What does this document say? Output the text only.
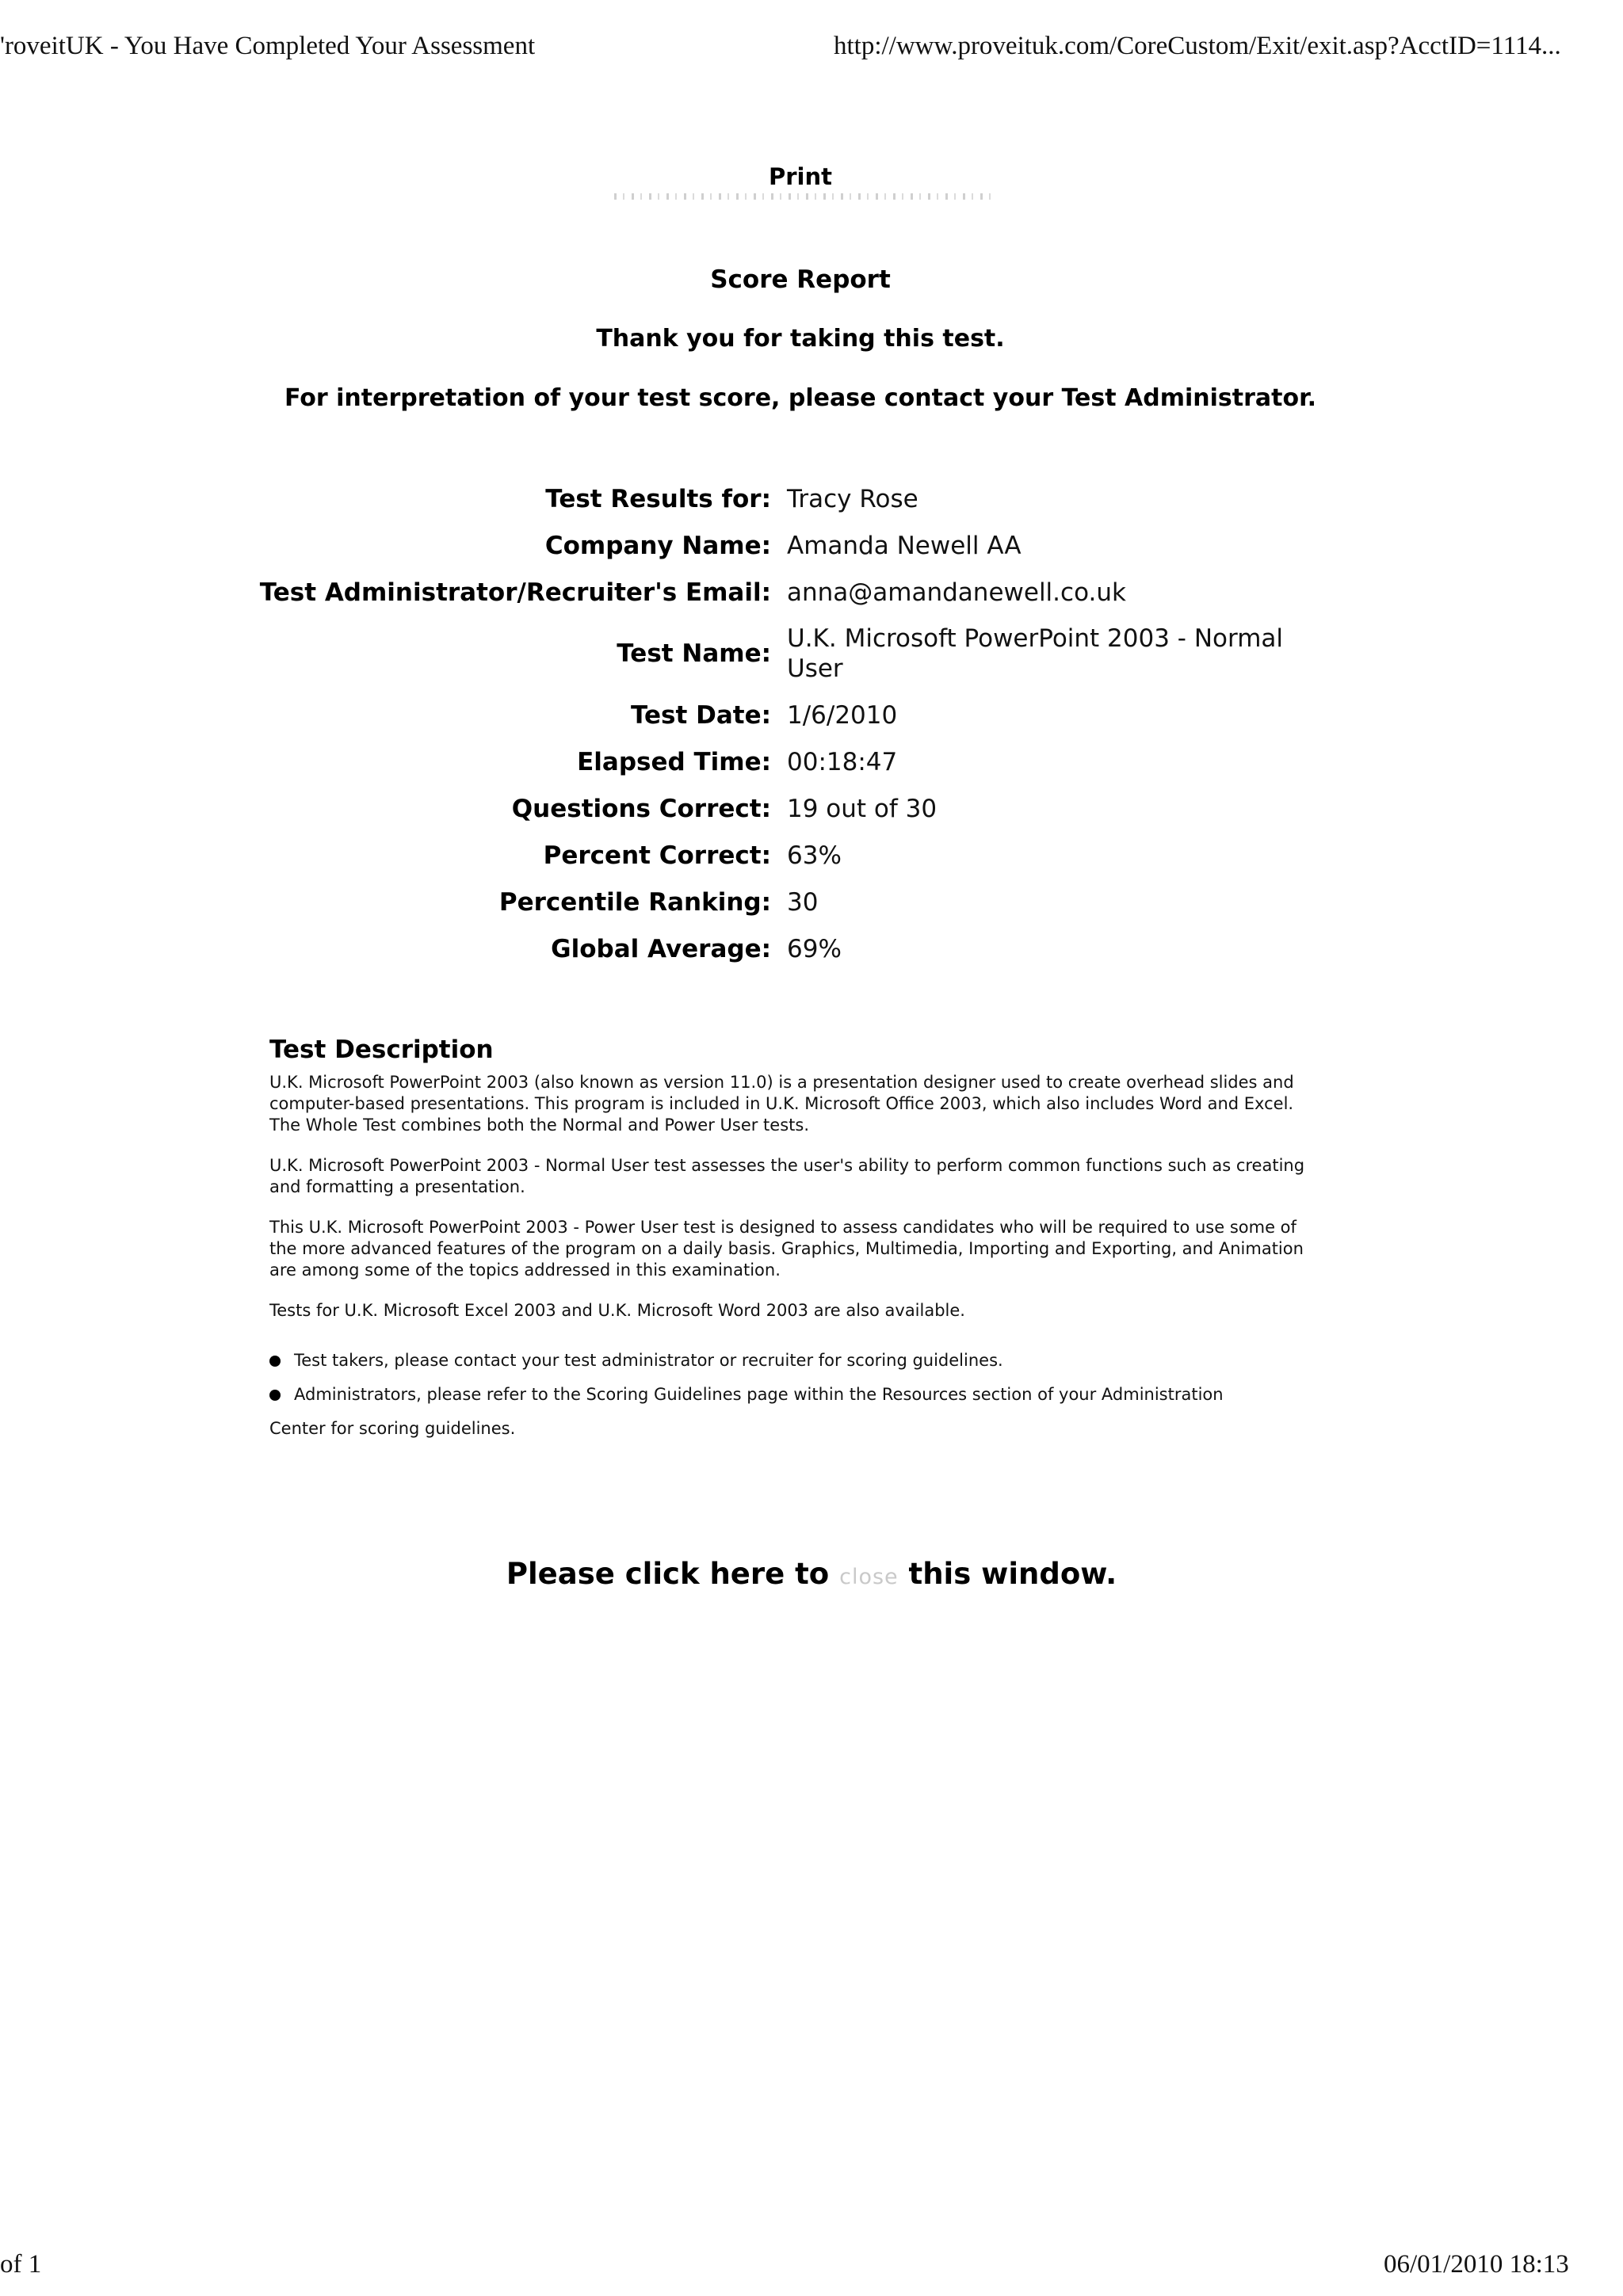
'roveitUK - You Have Completed Your Assessment	http://www.proveituk.com/CoreCustom/Exit/exit.asp?AcctID=1114...
Print
Score Report
Thank you for taking this test.
For interpretation of your test score, please contact your Test Administrator.
Test Results for:	Tracy Rose
Company Name:	Amanda Newell AA
Test Administrator/Recruiter's Email:	anna@amandanewell.co.uk
Test Name:	U.K. Microsoft PowerPoint 2003 - Normal User
Test Date:	1/6/2010
Elapsed Time:	00:18:47
Questions Correct:	19 out of 30
Percent Correct:	63%
Percentile Ranking:	30
Global Average:	69%
Test Description

U.K. Microsoft PowerPoint 2003 (also known as version 11.0) is a presentation designer used to create overhead slides and computer-based presentations. This program is included in U.K. Microsoft Office 2003, which also includes Word and Excel. The Whole Test combines both the Normal and Power User tests.

U.K. Microsoft PowerPoint 2003 - Normal User test assesses the user's ability to perform common functions such as creating and formatting a presentation.

This U.K. Microsoft PowerPoint 2003 - Power User test is designed to assess candidates who will be required to use some of the more advanced features of the program on a daily basis. Graphics, Multimedia, Importing and Exporting, and Animation are among some of the topics addressed in this examination.

Tests for U.K. Microsoft Excel 2003 and U.K. Microsoft Word 2003 are also available.

Test takers, please contact your test administrator or recruiter for scoring guidelines.
Administrators, please refer to the Scoring Guidelines page within the Resources section of your Administration
Center for scoring guidelines.
Please click here to close this window.
of 1	06/01/2010 18:13
